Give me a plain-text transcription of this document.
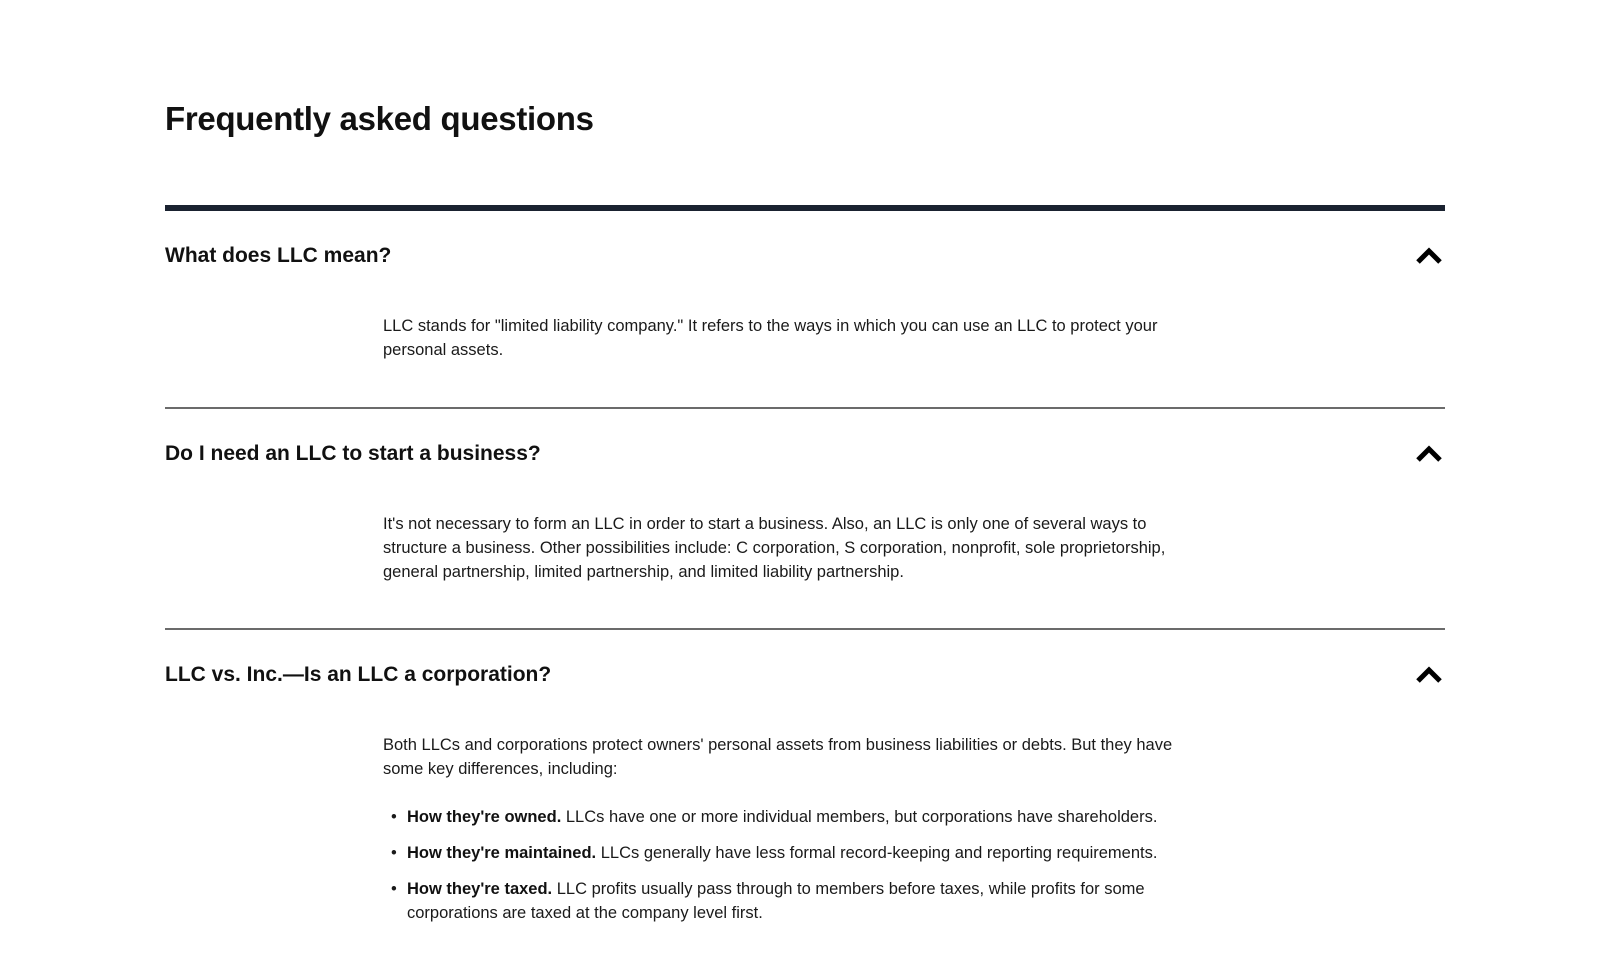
Frequently asked questions
What does LLC mean?

LLC stands for "limited liability company." It refers to the ways in which you can use an LLC to protect your personal assets.

Do I need an LLC to start a business?

It's not necessary to form an LLC in order to start a business. Also, an LLC is only one of several ways to structure a business. Other possibilities include: C corporation, S corporation, nonprofit, sole proprietorship, general partnership, limited partnership, and limited liability partnership.

LLC vs. Inc.—Is an LLC a corporation?

Both LLCs and corporations protect owners' personal assets from business liabilities or debts. But they have some key differences, including:

• How they're owned. LLCs have one or more individual members, but corporations have shareholders.
• How they're maintained. LLCs generally have less formal record-keeping and reporting requirements.
• How they're taxed. LLC profits usually pass through to members before taxes, while profits for some corporations are taxed at the company level first.
